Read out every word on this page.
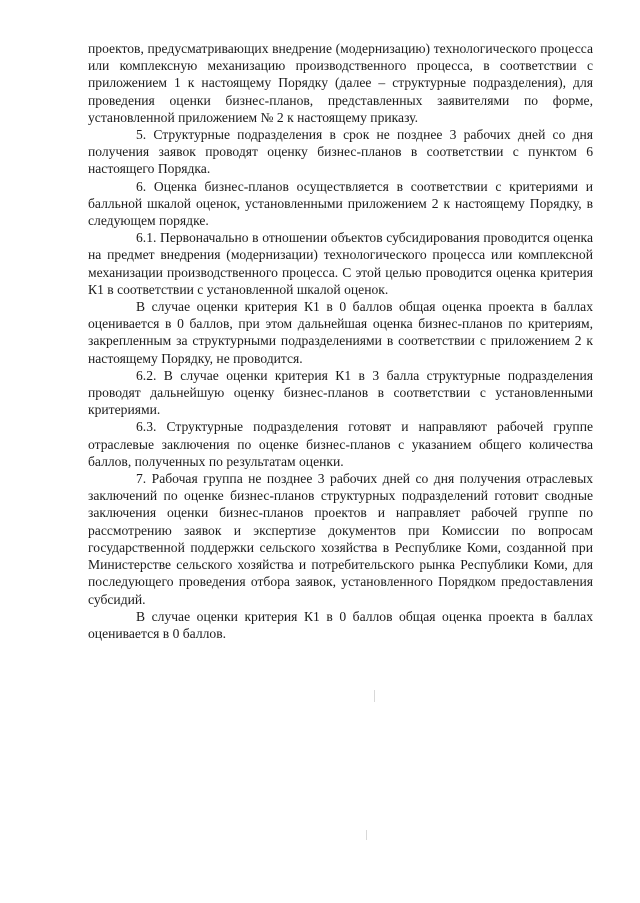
проектов, предусматривающих внедрение (модернизацию) технологического процесса или комплексную механизацию производственного процесса, в соответствии с приложением 1 к настоящему Порядку (далее – структурные подразделения), для проведения оценки бизнес-планов, представленных заявителями по форме, установленной приложением № 2 к настоящему приказу.

5. Структурные подразделения в срок не позднее 3 рабочих дней со дня получения заявок проводят оценку бизнес-планов в соответствии с пунктом 6 настоящего Порядка.

6. Оценка бизнес-планов осуществляется в соответствии с критериями и балльной шкалой оценок, установленными приложением 2 к настоящему Порядку, в следующем порядке.

6.1. Первоначально в отношении объектов субсидирования проводится оценка на предмет внедрения (модернизации) технологического процесса или комплексной механизации производственного процесса. С этой целью проводится оценка критерия К1 в соответствии с установленной шкалой оценок.

В случае оценки критерия К1 в 0 баллов общая оценка проекта в баллах оценивается в 0 баллов, при этом дальнейшая оценка бизнес-планов по критериям, закрепленным за структурными подразделениями в соответствии с приложением 2 к настоящему Порядку, не проводится.

6.2. В случае оценки критерия К1 в 3 балла структурные подразделения проводят дальнейшую оценку бизнес-планов в соответствии с установленными критериями.

6.3. Структурные подразделения готовят и направляют рабочей группе отраслевые заключения по оценке бизнес-планов с указанием общего количества баллов, полученных по результатам оценки.

7. Рабочая группа не позднее 3 рабочих дней со дня получения отраслевых заключений по оценке бизнес-планов структурных подразделений готовит сводные заключения оценки бизнес-планов проектов и направляет рабочей группе по рассмотрению заявок и экспертизе документов при Комиссии по вопросам государственной поддержки сельского хозяйства в Республике Коми, созданной при Министерстве сельского хозяйства и потребительского рынка Республики Коми, для последующего проведения отбора заявок, установленного Порядком предоставления субсидий.

В случае оценки критерия К1 в 0 баллов общая оценка проекта в баллах оценивается в 0 баллов.
